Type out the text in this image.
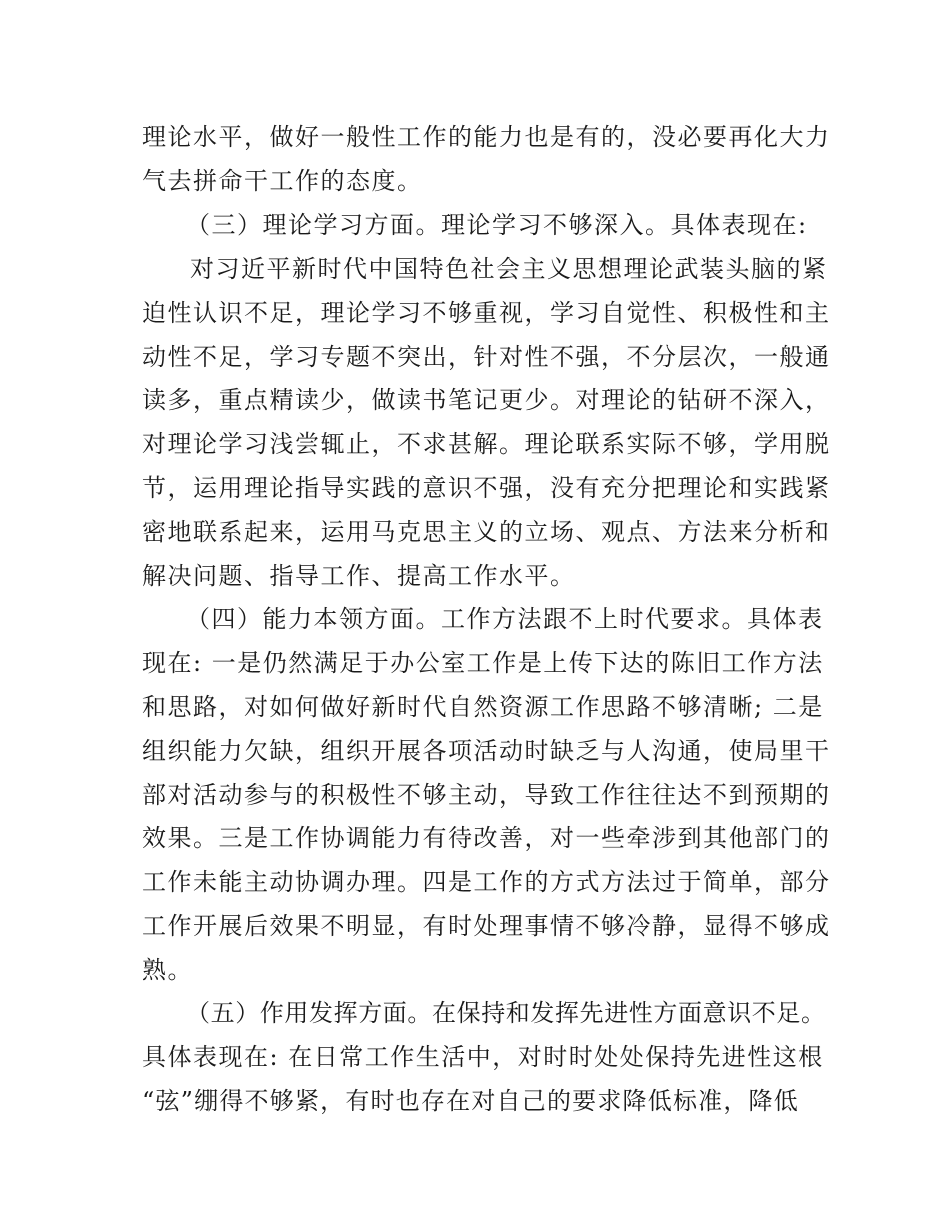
理论水平，做好一般性工作的能力也是有的，没必要再化大力
气去拼命干工作的态度。
（三）理论学习方面。理论学习不够深入。具体表现在:
对习近平新时代中国特色社会主义思想理论武装头脑的紧
迫性认识不足，理论学习不够重视，学习自觉性、积极性和主
动性不足，学习专题不突出，针对性不强，不分层次，一般通
读多，重点精读少，做读书笔记更少。对理论的钻研不深入，
对理论学习浅尝辄止，不求甚解。理论联系实际不够，学用脱
节，运用理论指导实践的意识不强，没有充分把理论和实践紧
密地联系起来，运用马克思主义的立场、观点、方法来分析和
解决问题、指导工作、提高工作水平。
（四）能力本领方面。工作方法跟不上时代要求。具体表
现在: 一是仍然满足于办公室工作是上传下达的陈旧工作方法
和思路，对如何做好新时代自然资源工作思路不够清晰; 二是
组织能力欠缺，组织开展各项活动时缺乏与人沟通，使局里干
部对活动参与的积极性不够主动，导致工作往往达不到预期的
效果。三是工作协调能力有待改善，对一些牵涉到其他部门的
工作未能主动协调办理。四是工作的方式方法过于简单，部分
工作开展后效果不明显，有时处理事情不够冷静，显得不够成
熟。
（五）作用发挥方面。在保持和发挥先进性方面意识不足。
具体表现在: 在日常工作生活中，对时时处处保持先进性这根
“弦”绷得不够紧，有时也存在对自己的要求降低标准，降低
